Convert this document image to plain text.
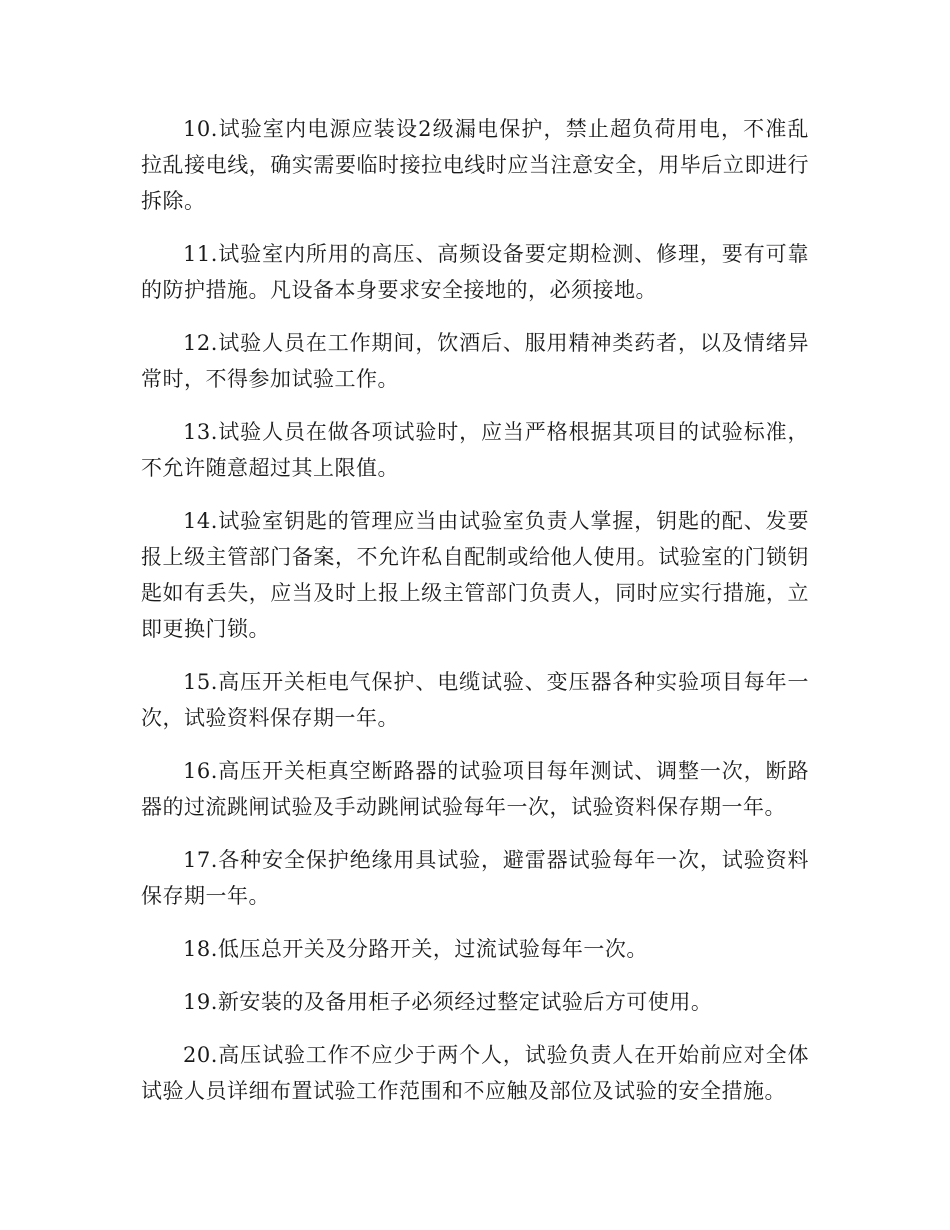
10.试验室内电源应装设2级漏电保护，禁止超负荷用电，不准乱拉乱接电线，确实需要临时接拉电线时应当注意安全，用毕后立即进行拆除。

11.试验室内所用的高压、高频设备要定期检测、修理，要有可靠的防护措施。凡设备本身要求安全接地的，必须接地。

12.试验人员在工作期间，饮酒后、服用精神类药者，以及情绪异常时，不得参加试验工作。

13.试验人员在做各项试验时，应当严格根据其项目的试验标准，不允许随意超过其上限值。

14.试验室钥匙的管理应当由试验室负责人掌握，钥匙的配、发要报上级主管部门备案，不允许私自配制或给他人使用。试验室的门锁钥匙如有丢失，应当及时上报上级主管部门负责人，同时应实行措施，立即更换门锁。

15.高压开关柜电气保护、电缆试验、变压器各种实验项目每年一次，试验资料保存期一年。

16.高压开关柜真空断路器的试验项目每年测试、调整一次，断路器的过流跳闸试验及手动跳闸试验每年一次，试验资料保存期一年。

17.各种安全保护绝缘用具试验，避雷器试验每年一次，试验资料保存期一年。

18.低压总开关及分路开关，过流试验每年一次。

19.新安装的及备用柜子必须经过整定试验后方可使用。

20.高压试验工作不应少于两个人，试验负责人在开始前应对全体试验人员详细布置试验工作范围和不应触及部位及试验的安全措施。
